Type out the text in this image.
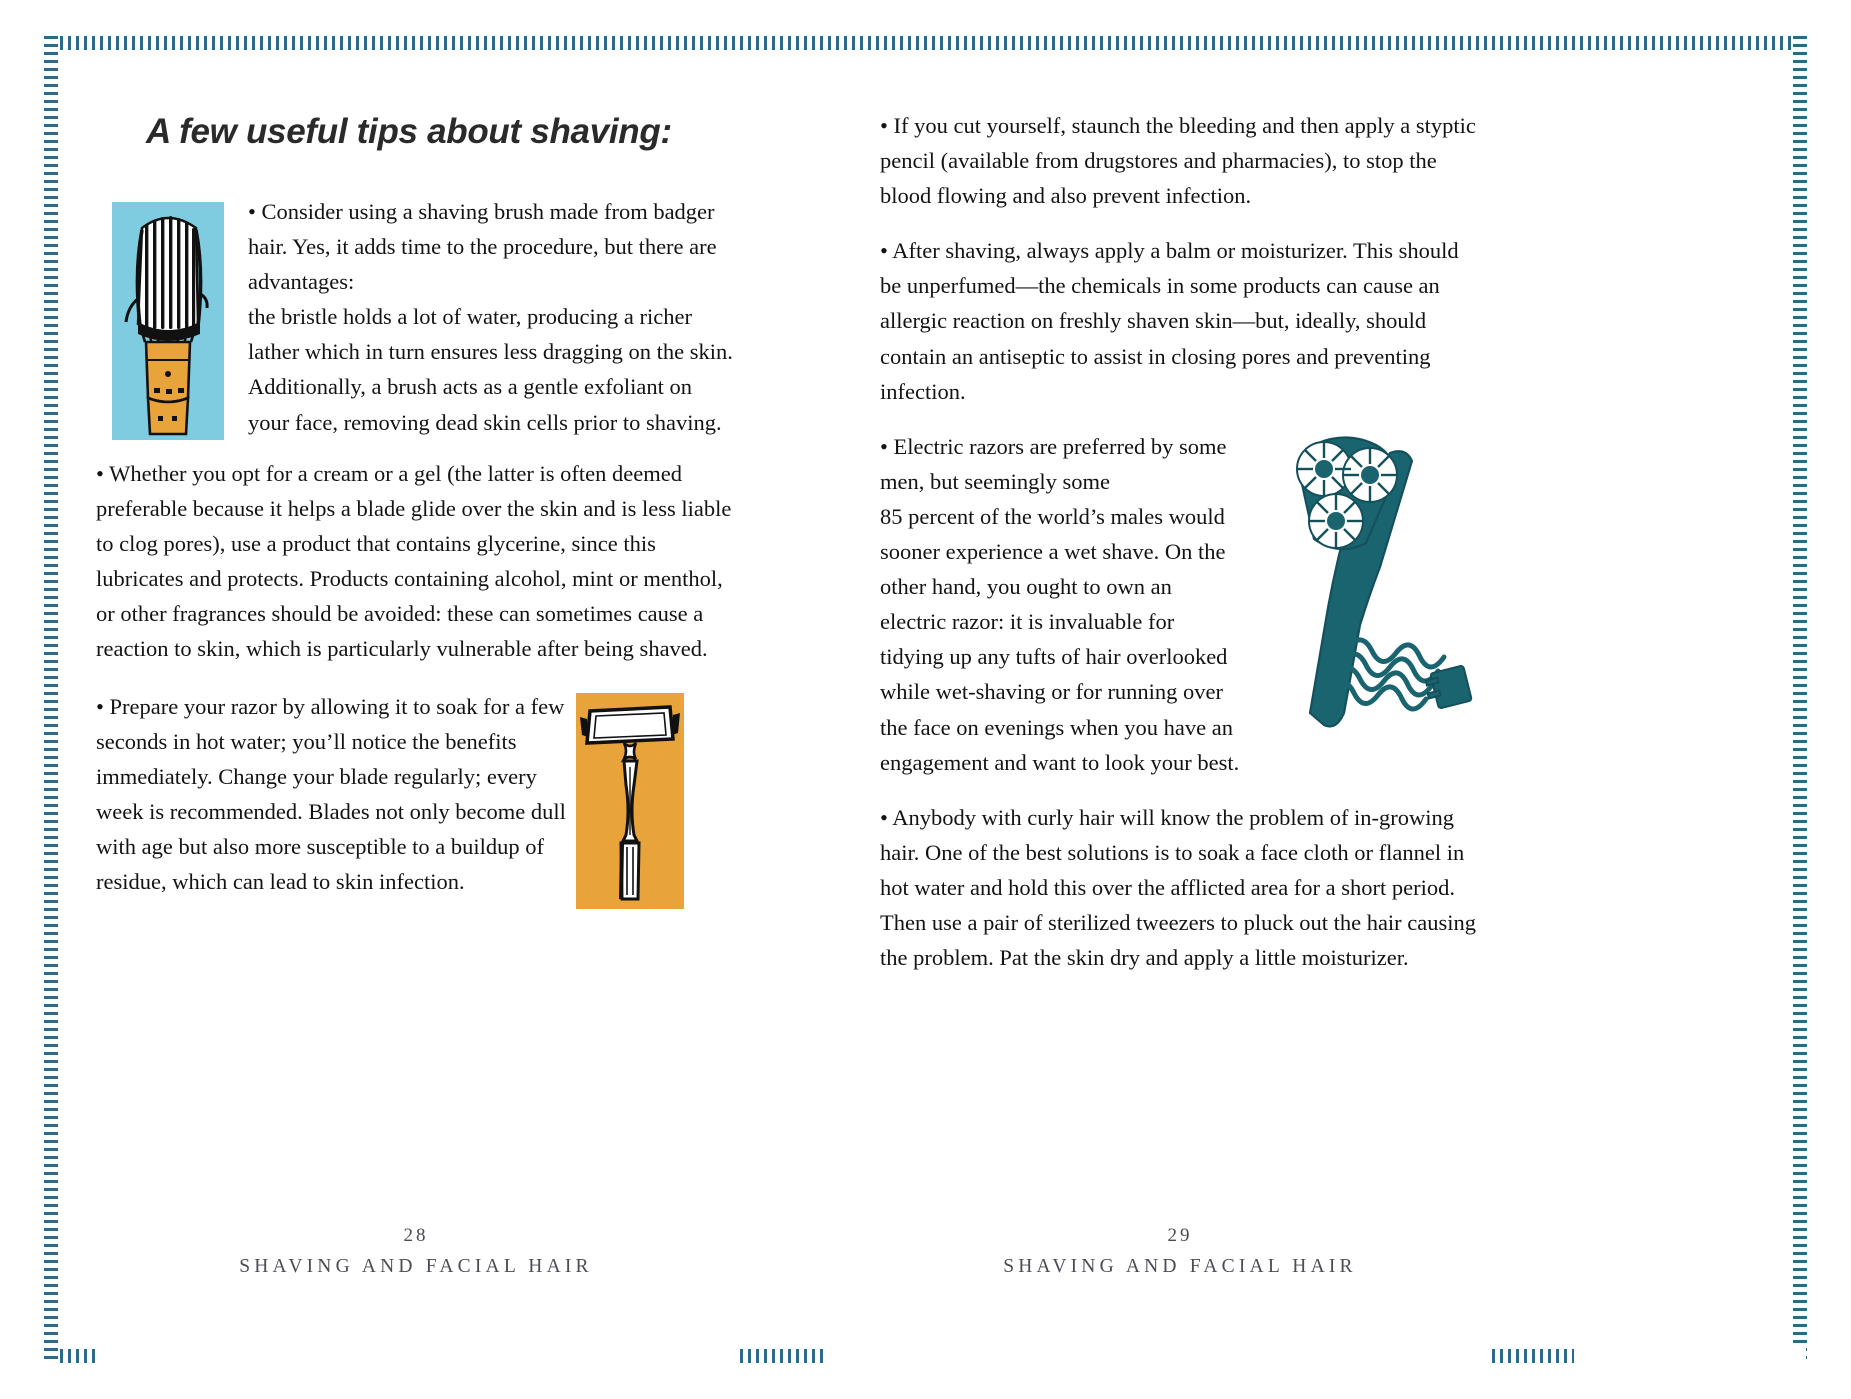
A few useful tips about shaving:

• Consider using a shaving brush made from badger hair. Yes, it adds time to the procedure, but there are advantages:

the bristle holds a lot of water, producing a richer lather which in turn ensures less dragging on the skin. Additionally, a brush acts as a gentle exfoliant on your face, removing dead skin cells prior to shaving.

• Whether you opt for a cream or a gel (the latter is often deemed preferable because it helps a blade glide over the skin and is less liable to clog pores), use a product that contains glycerine, since this lubricates and protects. Products containing alcohol, mint or menthol, or other fragrances should be avoided: these can sometimes cause a reaction to skin, which is particularly vulnerable after being shaved.

• Prepare your razor by allowing it to soak for a few seconds in hot water; you’ll notice the benefits immediately. Change your blade regularly; every week is recommended. Blades not only become dull with age but also more susceptible to a buildup of residue, which can lead to skin infection.

28
SHAVING AND FACIAL HAIR

• If you cut yourself, staunch the bleeding and then apply a styptic pencil (available from drugstores and pharmacies), to stop the blood flowing and also prevent infection.

• After shaving, always apply a balm or moisturizer. This should be unperfumed—the chemicals in some products can cause an allergic reaction on freshly shaven skin—but, ideally, should contain an antiseptic to assist in closing pores and preventing infection.

• Electric razors are preferred by some men, but seemingly some

85 percent of the world’s males would sooner experience a wet shave. On the other hand, you ought to own an electric razor: it is invaluable for tidying up any tufts of hair overlooked while wet-shaving or for running over the face on evenings when you have an engagement and want to look your best.

• Anybody with curly hair will know the problem of in-growing hair. One of the best solutions is to soak a face cloth or flannel in hot water and hold this over the afflicted area for a short period. Then use a pair of sterilized tweezers to pluck out the hair causing the problem. Pat the skin dry and apply a little moisturizer.

29
SHAVING AND FACIAL HAIR
